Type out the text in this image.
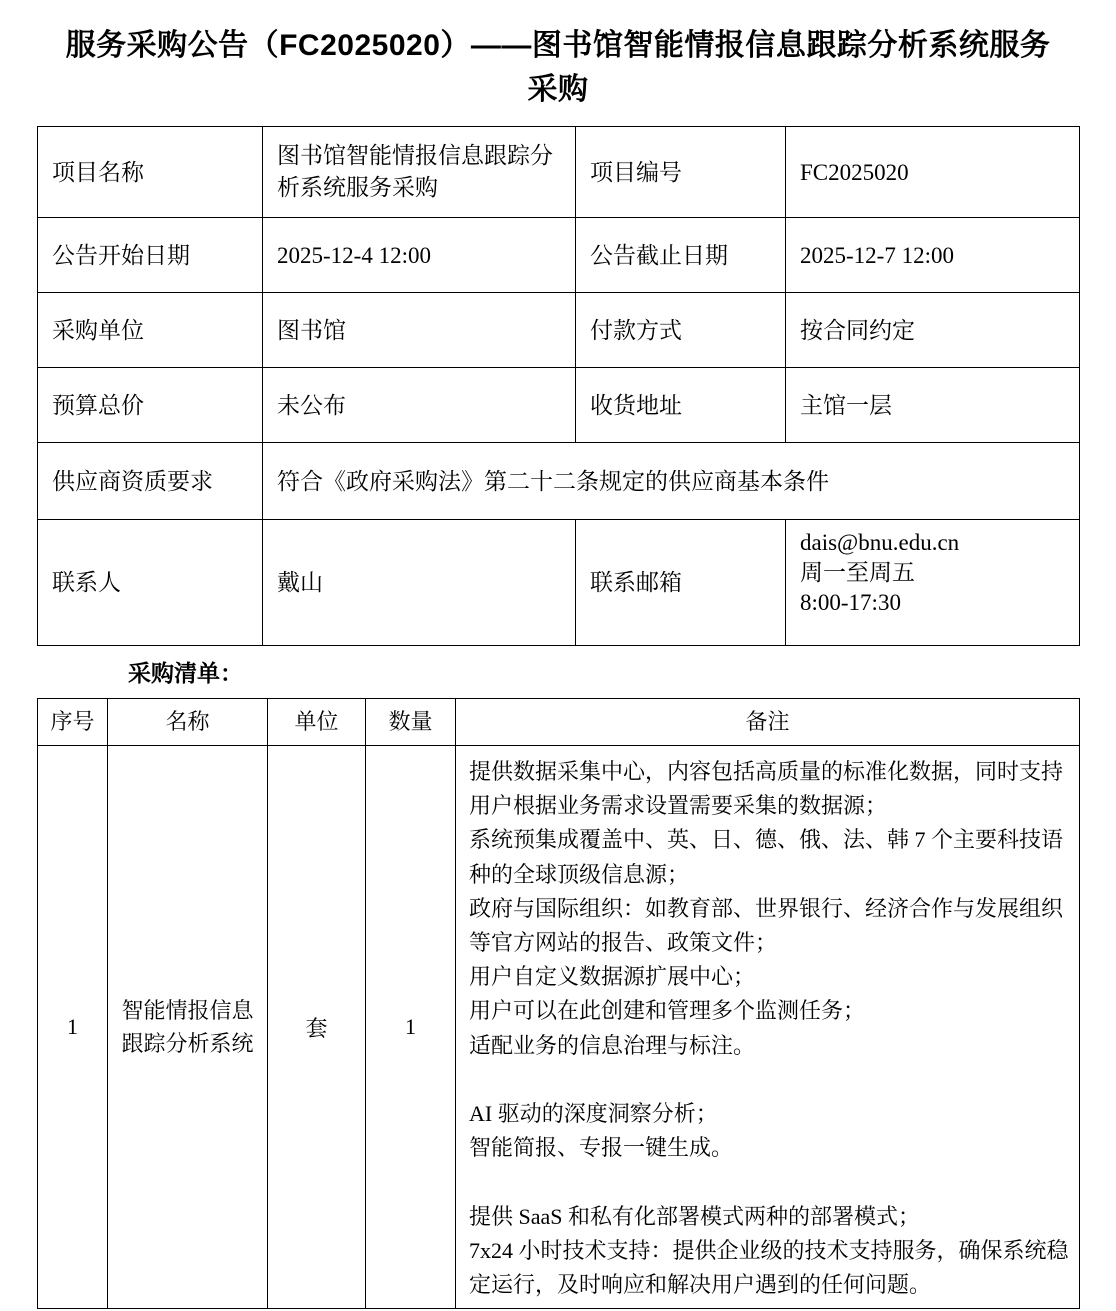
服务采购公告（FC2025020）——图书馆智能情报信息跟踪分析系统服务采购
项目名称	图书馆智能情报信息跟踪分析系统服务采购	项目编号	FC2025020
公告开始日期	2025-12-4 12:00	公告截止日期	2025-12-7 12:00
采购单位	图书馆	付款方式	按合同约定
预算总价	未公布	收货地址	主馆一层
供应商资质要求	符合《政府采购法》第二十二条规定的供应商基本条件		
联系人	戴山	联系邮箱	dais@bnu.edu.cn
周一至周五
8:00-17:30
采购清单：
序号	名称	单位	数量	备注
1	智能情报信息跟踪分析系统	套	1	提供数据采集中心，内容包括高质量的标准化数据，同时支持用户根据业务需求设置需要采集的数据源；
系统预集成覆盖中、英、日、德、俄、法、韩 7 个主要科技语种的全球顶级信息源；
政府与国际组织：如教育部、世界银行、经济合作与发展组织等官方网站的报告、政策文件；
用户自定义数据源扩展中心；
用户可以在此创建和管理多个监测任务；
适配业务的信息治理与标注。

AI 驱动的深度洞察分析；
智能简报、专报一键生成。

提供 SaaS 和私有化部署模式两种的部署模式；
7x24 小时技术支持：提供企业级的技术支持服务，确保系统稳定运行，及时响应和解决用户遇到的任何问题。
